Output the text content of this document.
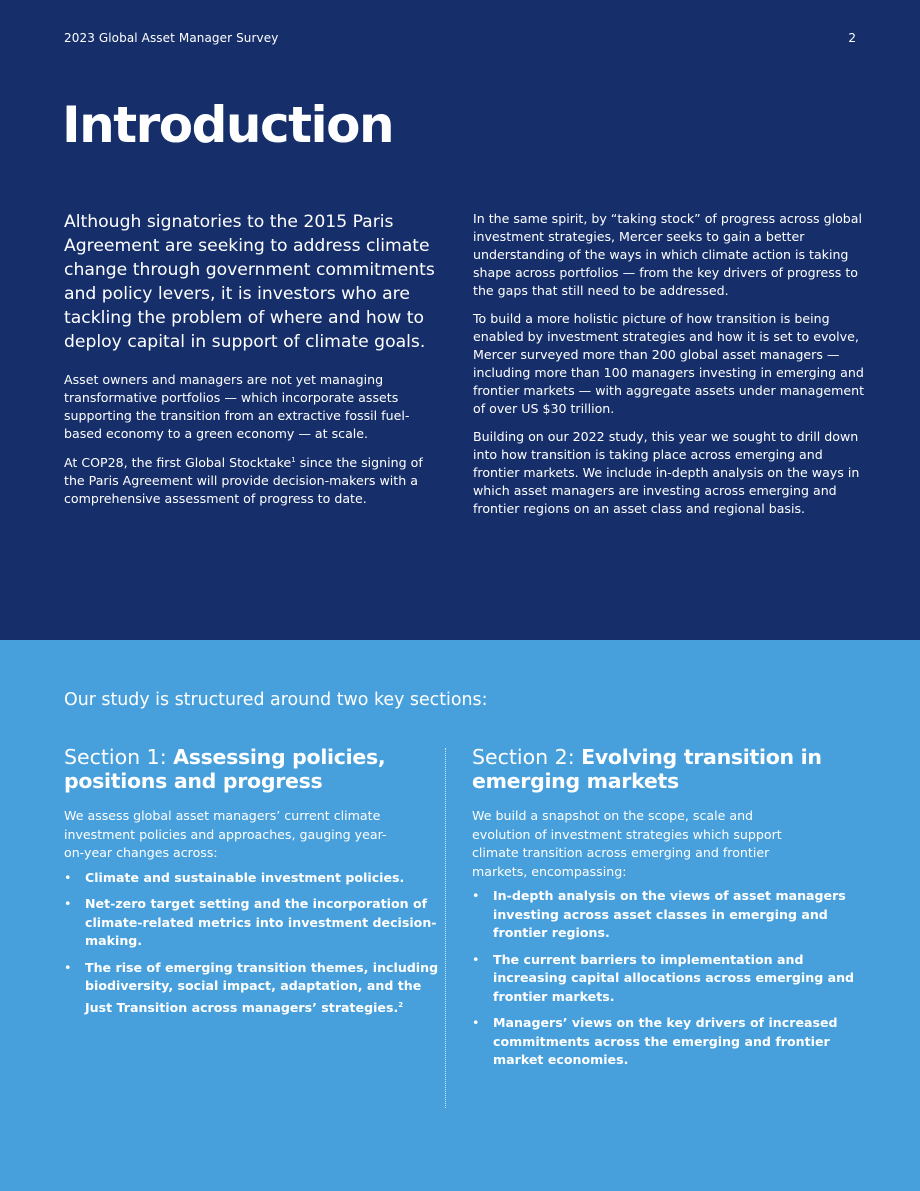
2023 Global Asset Manager Survey	2
Introduction

Although signatories to the 2015 Paris Agreement are seeking to address climate change through government commitments and policy levers, it is investors who are tackling the problem of where and how to deploy capital in support of climate goals.

Asset owners and managers are not yet managing transformative portfolios — which incorporate assets supporting the transition from an extractive fossil fuel-based economy to a green economy — at scale.

At COP28, the first Global Stocktake$^1$ since the signing of the Paris Agreement will provide decision-makers with a comprehensive assessment of progress to date.

In the same spirit, by “taking stock” of progress across global investment strategies, Mercer seeks to gain a better understanding of the ways in which climate action is taking shape across portfolios — from the key drivers of progress to the gaps that still need to be addressed.

To build a more holistic picture of how transition is being enabled by investment strategies and how it is set to evolve, Mercer surveyed more than 200 global asset managers — including more than 100 managers investing in emerging and frontier markets — with aggregate assets under management of over US $30 trillion.

Building on our 2022 study, this year we sought to drill down into how transition is taking place across emerging and frontier markets. We include in-depth analysis on the ways in which asset managers are investing across emerging and frontier regions on an asset class and regional basis.

Our study is structured around two key sections:

Section 1: Assessing policies, positions and progress

We assess global asset managers’ current climate investment policies and approaches, gauging year-on-year changes across:

• Climate and sustainable investment policies.
• Net-zero target setting and the incorporation of climate-related metrics into investment decision-making.
• The rise of emerging transition themes, including biodiversity, social impact, adaptation, and the Just Transition across managers’ strategies.$^2$
Section 2: Evolving transition in emerging markets

We build a snapshot on the scope, scale and evolution of investment strategies which support climate transition across emerging and frontier markets, encompassing:

• In-depth analysis on the views of asset managers investing across asset classes in emerging and frontier regions.
• The current barriers to implementation and increasing capital allocations across emerging and frontier markets.
• Managers’ views on the key drivers of increased commitments across the emerging and frontier market economies.
